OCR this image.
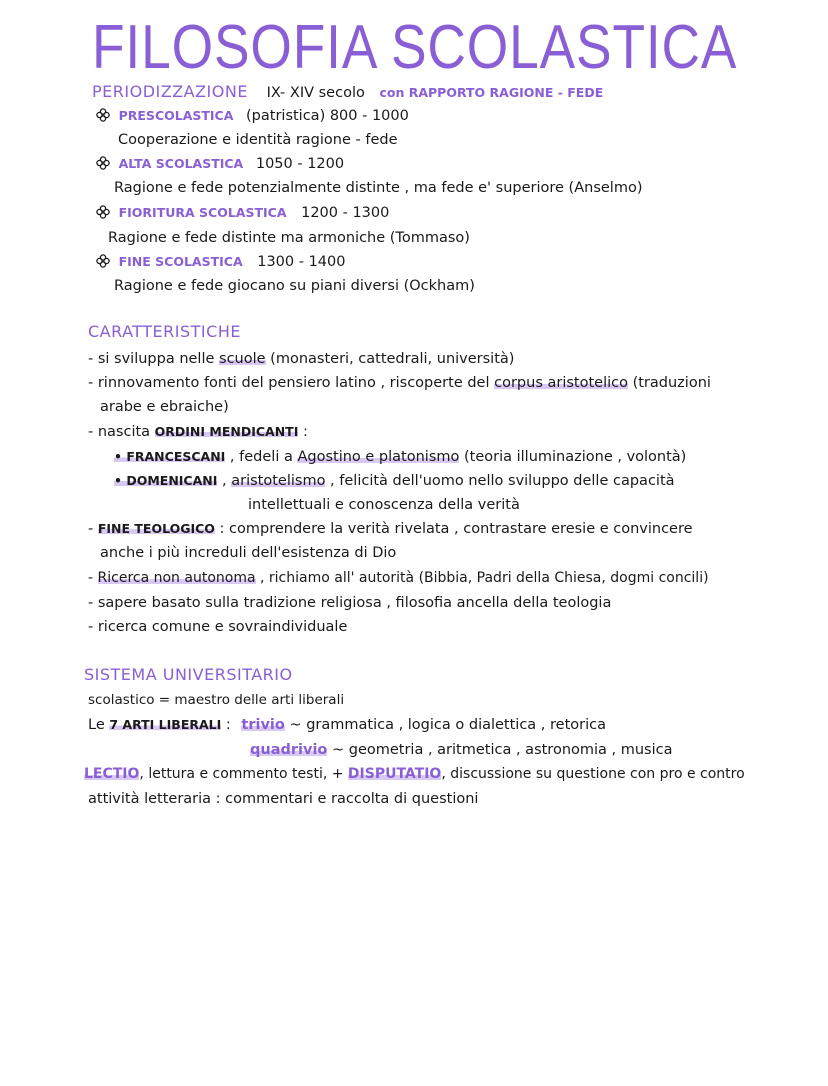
FILOSOFIA SCOLASTICA
PERIODIZZAZIONE IX- XIV secolo con RAPPORTO RAGIONE - FEDE
PRESCOLASTICA (patristica) 800 - 1000
Cooperazione e identità ragione - fede
ALTA SCOLASTICA 1050 - 1200
Ragione e fede potenzialmente distinte , ma fede e' superiore (Anselmo)
FIORITURA SCOLASTICA 1200 - 1300
Ragione e fede distinte ma armoniche (Tommaso)
FINE SCOLASTICA 1300 - 1400
Ragione e fede giocano su piani diversi (Ockham)
CARATTERISTICHE
- si sviluppa nelle scuole (monasteri, cattedrali, università)
- rinnovamento fonti del pensiero latino , riscoperte del corpus aristotelico (traduzioni
arabe e ebraiche)
- nascita ORDINI MENDICANTI :
• FRANCESCANI , fedeli a Agostino e platonismo (teoria illuminazione , volontà)
• DOMENICANI , aristotelismo , felicità dell'uomo nello sviluppo delle capacità
intellettuali e conoscenza della verità
- FINE TEOLOGICO : comprendere la verità rivelata , contrastare eresie e convincere
anche i più increduli dell'esistenza di Dio
- Ricerca non autonoma , richiamo all' autorità (Bibbia, Padri della Chiesa, dogmi concili)
- sapere basato sulla tradizione religiosa , filosofia ancella della teologia
- ricerca comune e sovraindividuale
SISTEMA UNIVERSITARIO
scolastico = maestro delle arti liberali
Le 7 ARTI LIBERALI : trivio ~ grammatica , logica o dialettica , retorica
quadrivio ~ geometria , aritmetica , astronomia , musica
LECTIO, lettura e commento testi, + DISPUTATIO, discussione su questione con pro e contro
attività letteraria : commentari e raccolta di questioni
